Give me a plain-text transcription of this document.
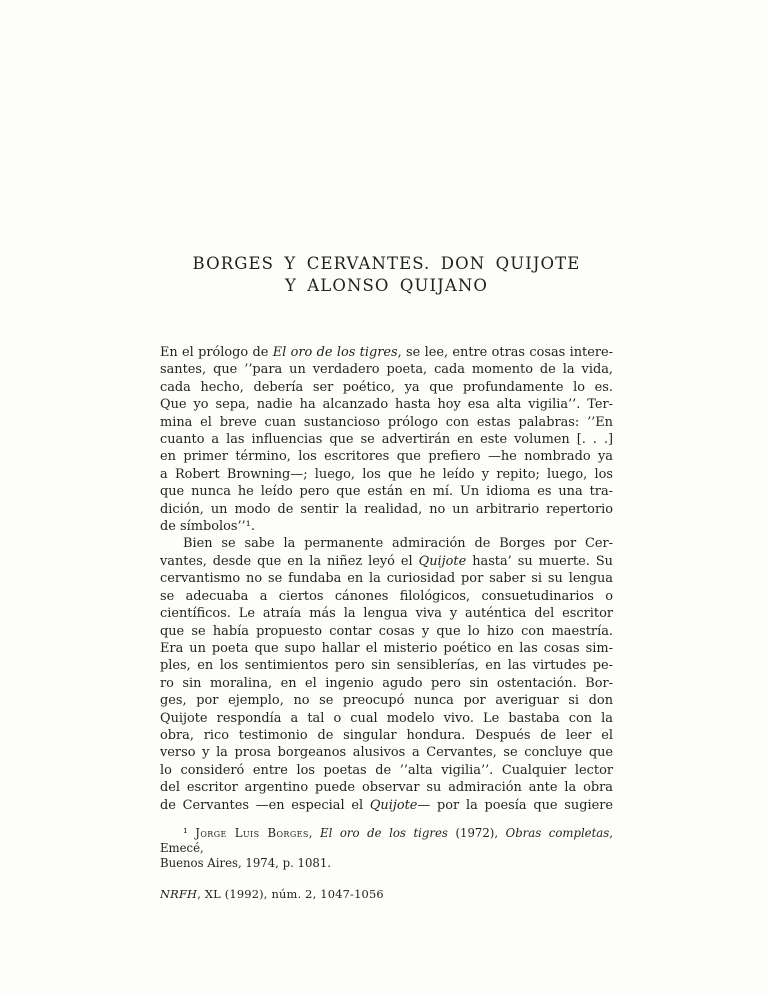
BORGES Y CERVANTES. DON QUIJOTE
Y ALONSO QUIJANO
En el prólogo de El oro de los tigres, se lee, entre otras cosas intere-
santes, que ’’para un verdadero poeta, cada momento de la vida,
cada hecho, debería ser poético, ya que profundamente lo es.
Que yo sepa, nadie ha alcanzado hasta hoy esa alta vigilia’’. Ter-
mina el breve cuan sustancioso prólogo con estas palabras: ’’En
cuanto a las influencias que se advertirán en este volumen [. . .]
en primer término, los escritores que prefiero —he nombrado ya
a Robert Browning—; luego, los que he leído y repito; luego, los
que nunca he leído pero que están en mí. Un idioma es una tra-
dición, un modo de sentir la realidad, no un arbitrario repertorio
de símbolos’’¹.
Bien se sabe la permanente admiración de Borges por Cer-
vantes, desde que en la niñez leyó el Quijote hasta’ su muerte. Su
cervantismo no se fundaba en la curiosidad por saber si su lengua
se adecuaba a ciertos cánones filológicos, consuetudinarios o
científicos. Le atraía más la lengua viva y auténtica del escritor
que se había propuesto contar cosas y que lo hizo con maestría.
Era un poeta que supo hallar el misterio poético en las cosas sim-
ples, en los sentimientos pero sin sensiblerías, en las virtudes pe-
ro sin moralina, en el ingenio agudo pero sin ostentación. Bor-
ges, por ejemplo, no se preocupó nunca por averiguar si don
Quijote respondía a tal o cual modelo vivo. Le bastaba con la
obra, rico testimonio de singular hondura. Después de leer el
verso y la prosa borgeanos alusivos a Cervantes, se concluye que
lo consideró entre los poetas de ’’alta vigilia’’. Cualquier lector
del escritor argentino puede observar su admiración ante la obra
de Cervantes —en especial el Quijote— por la poesía que sugiere
¹ Jorge Luis Borges, El oro de los tigres (1972), Obras completas, Emecé,
Buenos Aires, 1974, p. 1081.
NRFH, XL (1992), núm. 2, 1047-1056
